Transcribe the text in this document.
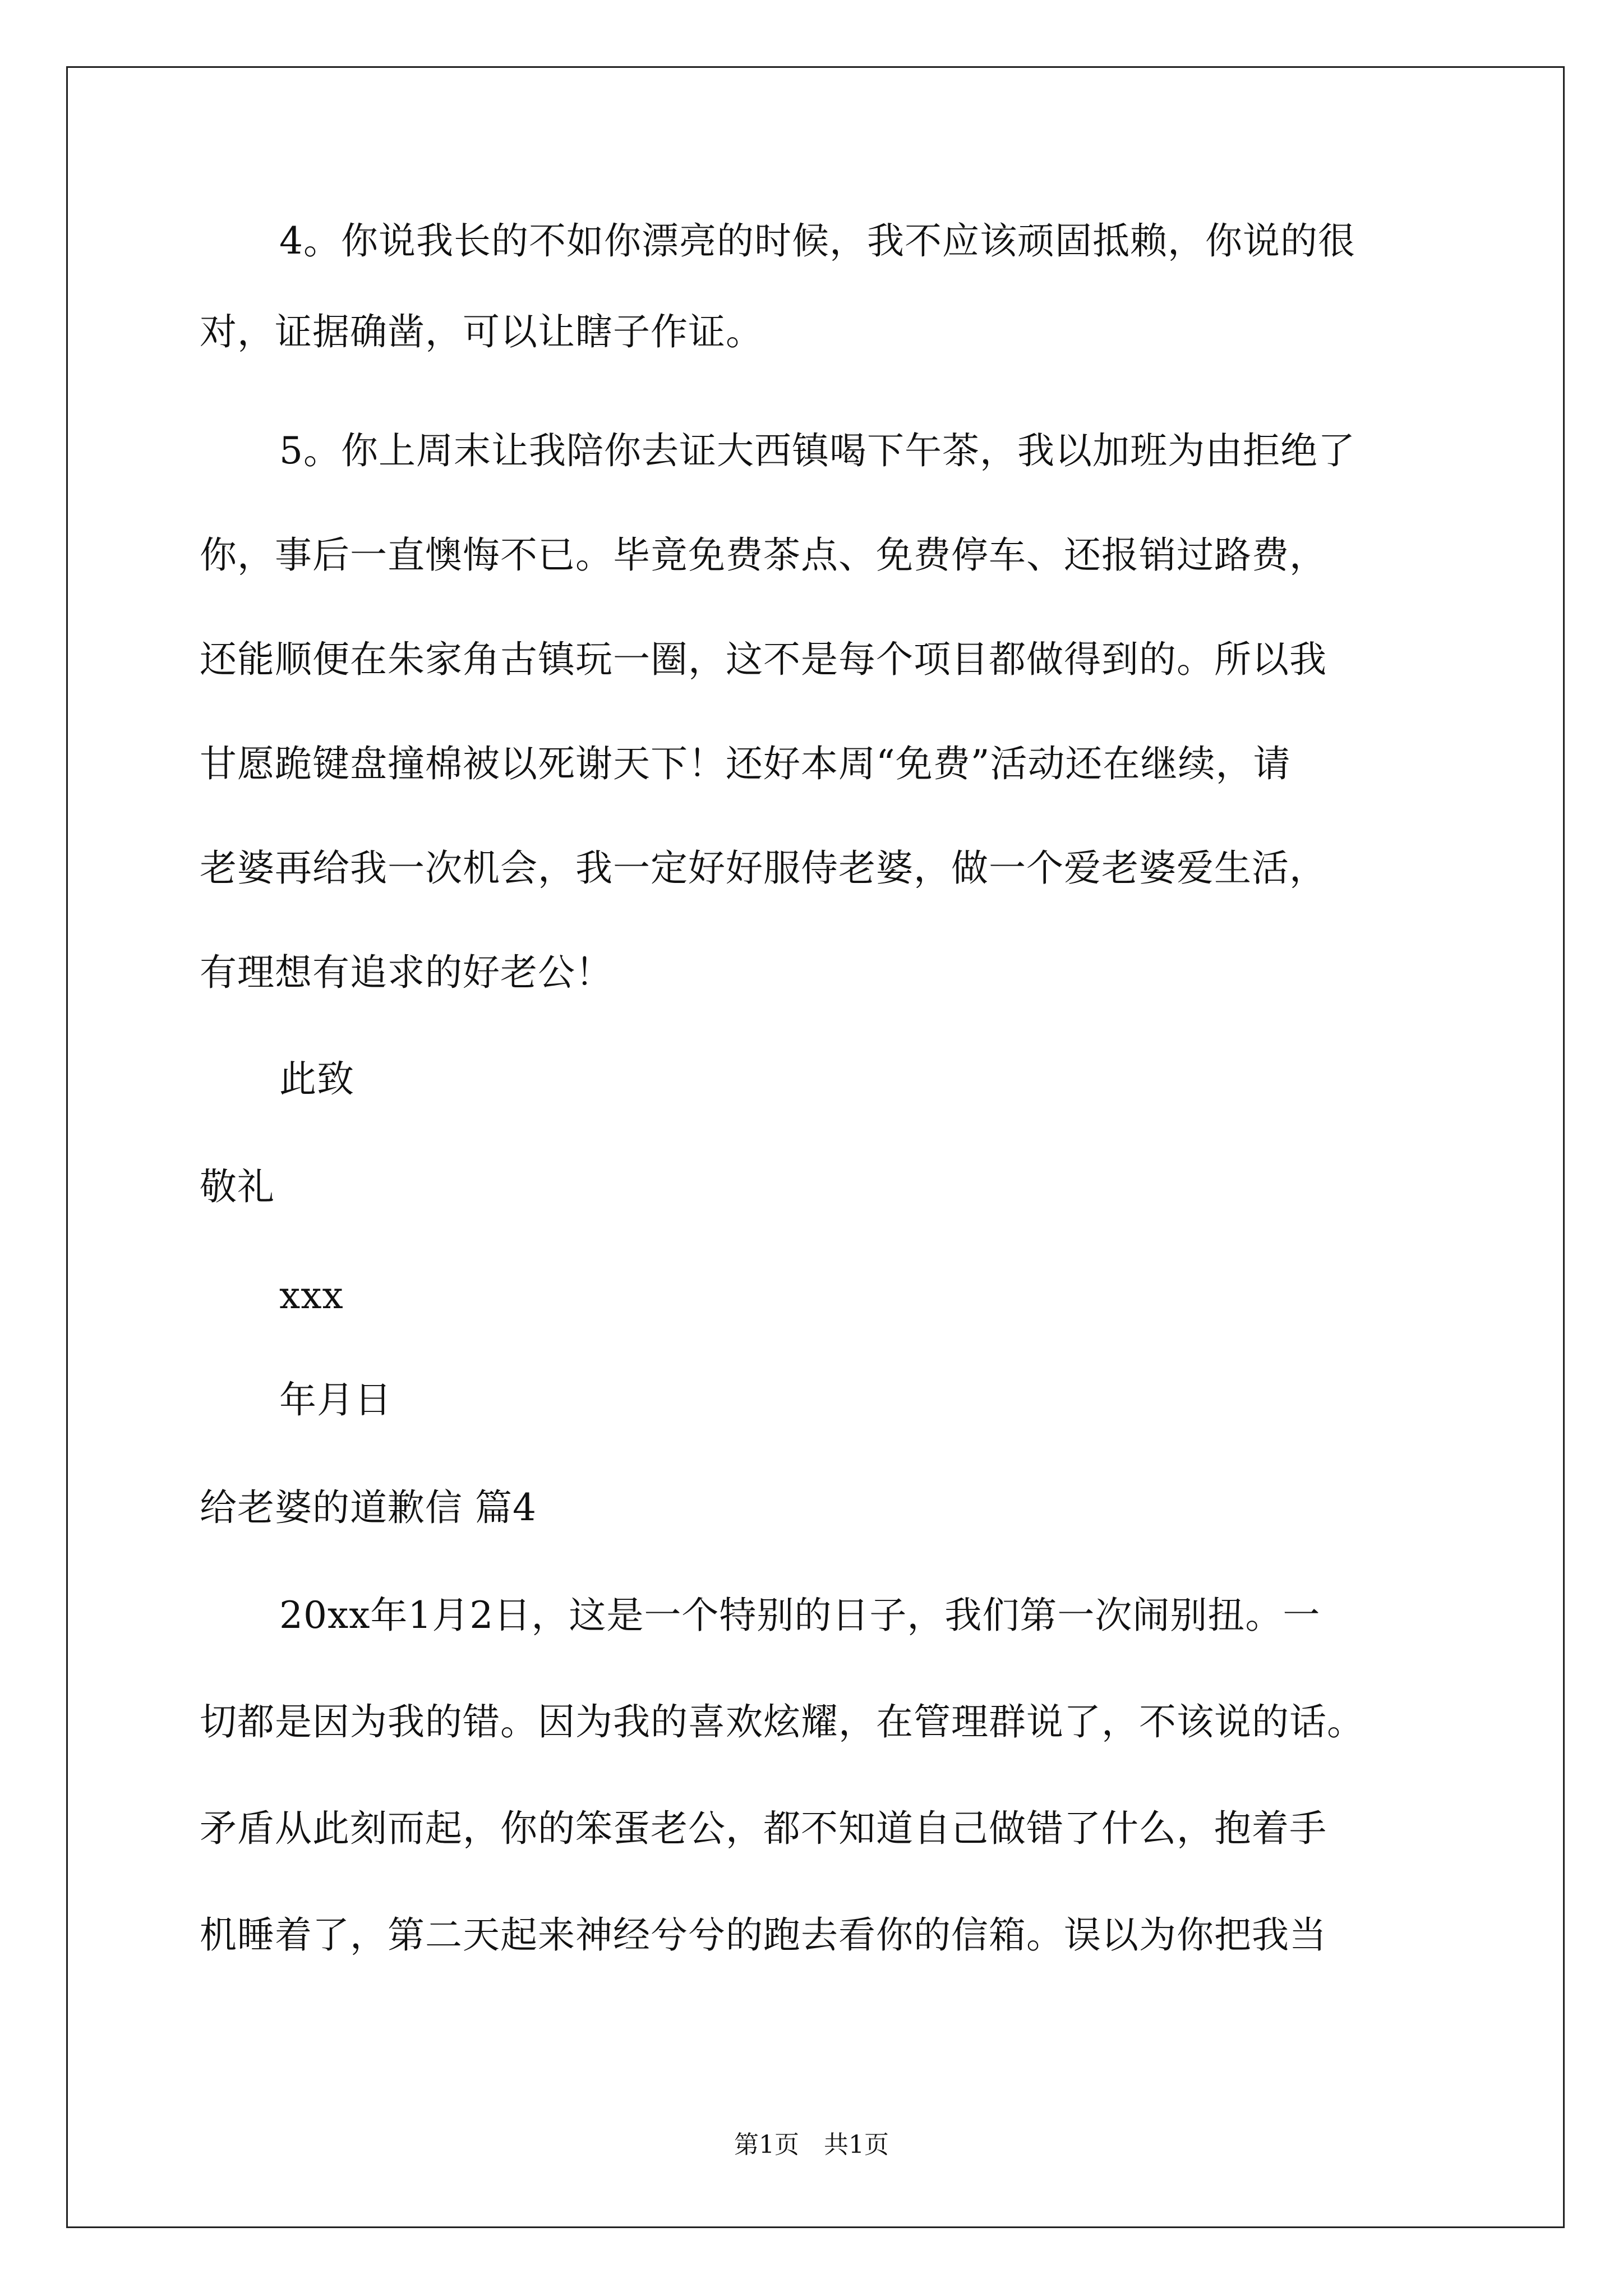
4。你说我长的不如你漂亮的时候，我不应该顽固抵赖，你说的很
对，证据确凿，可以让瞎子作证。
5。你上周末让我陪你去证大西镇喝下午茶，我以加班为由拒绝了
你，事后一直懊悔不已。毕竟免费茶点、免费停车、还报销过路费，
还能顺便在朱家角古镇玩一圈，这不是每个项目都做得到的。所以我
甘愿跪键盘撞棉被以死谢天下！还好本周“免费”活动还在继续，请
老婆再给我一次机会，我一定好好服侍老婆，做一个爱老婆爱生活，
有理想有追求的好老公！
此致
敬礼
xxx
年月日
给老婆的道歉信 篇4
20xx年1月2日，这是一个特别的日子，我们第一次闹别扭。一
切都是因为我的错。因为我的喜欢炫耀，在管理群说了，不该说的话。
矛盾从此刻而起，你的笨蛋老公，都不知道自己做错了什么，抱着手
机睡着了，第二天起来神经兮兮的跑去看你的信箱。误以为你把我当
第1页　共1页
